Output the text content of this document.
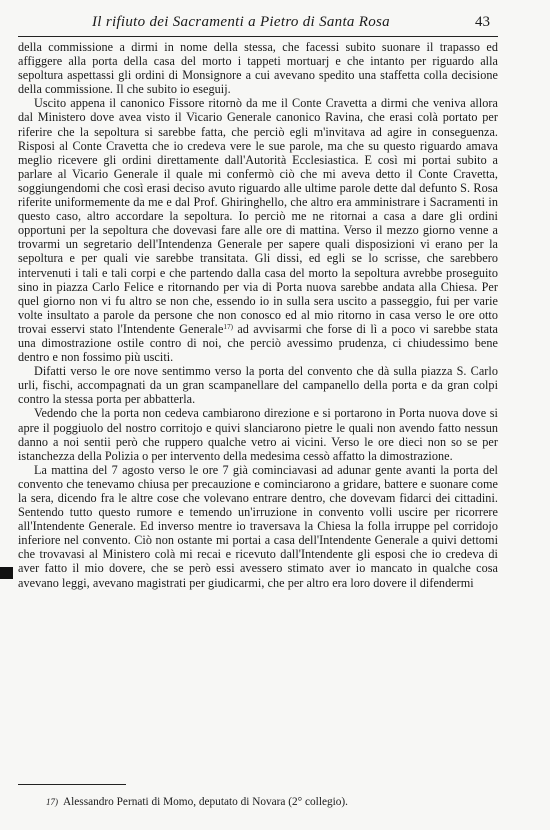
Il rifiuto dei Sacramenti a Pietro di Santa Rosa	43

della commissione a dirmi in nome della stessa, che facessi subito suonare il trapasso ed affiggere alla porta della casa del morto i tappeti mortuarj e che intanto per riguardo alla sepoltura aspettassi gli ordini di Monsignore a cui avevano spedito una staffetta colla decisione della commissione. Il che subito io eseguij.

Uscito appena il canonico Fissore ritornò da me il Conte Cravetta a dirmi che veniva allora dal Ministero dove avea visto il Vicario Generale canonico Ravina, che erasi colà portato per riferire che la sepoltura si sarebbe fatta, che perciò egli m'invitava ad agire in conseguenza. Risposi al Conte Cravetta che io credeva vere le sue parole, ma che su questo riguardo amava meglio ricevere gli ordini direttamente dall'Autorità Ecclesiastica. E così mi portai subito a parlare al Vicario Generale il quale mi confermò ciò che mi aveva detto il Conte Cravetta, soggiungendomi che così erasi deciso avuto riguardo alle ultime parole dette dal defunto S. Rosa riferite uniformemente da me e dal Prof. Ghiringhello, che altro era amministrare i Sacramenti in questo caso, altro accordare la sepoltura. Io perciò me ne ritornai a casa a dare gli ordini opportuni per la sepoltura che dovevasi fare alle ore di mattina. Verso il mezzo giorno venne a trovarmi un segretario dell'Intendenza Generale per sapere quali disposizioni vi erano per la sepoltura e per quali vie sarebbe transitata. Gli dissi, ed egli se lo scrisse, che sarebbero intervenuti i tali e tali corpi e che partendo dalla casa del morto la sepoltura avrebbe proseguito sino in piazza Carlo Felice e ritornando per via di Porta nuova sarebbe andata alla Chiesa. Per quel giorno non vi fu altro se non che, essendo io in sulla sera uscito a passeggio, fui per varie volte insultato a parole da persone che non conosco ed al mio ritorno in casa verso le ore otto trovai esservi stato l'Intendente Generale$^{17)}$ ad avvisarmi che forse di lì a poco vi sarebbe stata una dimostrazione ostile contro di noi, che perciò avessimo prudenza, ci chiudessimo bene dentro e non fossimo più usciti.

Difatti verso le ore nove sentimmo verso la porta del convento che dà sulla piazza S. Carlo urli, fischi, accompagnati da un gran scampanellare del campanello della porta e da gran colpi contro la stessa porta per abbatterla.

Vedendo che la porta non cedeva cambiarono direzione e si portarono in Porta nuova dove si apre il poggiuolo del nostro corritojo e quivi slanciarono pietre le quali non avendo fatto nessun danno a noi sentii però che ruppero qualche vetro ai vicini. Verso le ore dieci non so se per istanchezza della Polizia o per intervento della medesima cessò affatto la dimostrazione.

La mattina del 7 agosto verso le ore 7 già cominciavasi ad adunar gente avanti la porta del convento che tenevamo chiusa per precauzione e cominciarono a gridare, battere e suonare come la sera, dicendo fra le altre cose che volevano entrare dentro, che dovevam fidarci dei cittadini. Sentendo tutto questo rumore e temendo un'irruzione in convento volli uscire per ricorrere all'Intendente Generale. Ed inverso mentre io traversava la Chiesa la folla irruppe pel corridojo inferiore nel convento. Ciò non ostante mi portai a casa dell'Intendente Generale a quivi dettomi che trovavasi al Ministero colà mi recai e ricevuto dall'Intendente gli esposi che io credeva di aver fatto il mio dovere, che se però essi avessero stimato aver io mancato in qualche cosa avevano leggi, avevano magistrati per giudicarmi, che per altro era loro dovere il difendermi

17) Alessandro Pernati di Momo, deputato di Novara (2° collegio).
